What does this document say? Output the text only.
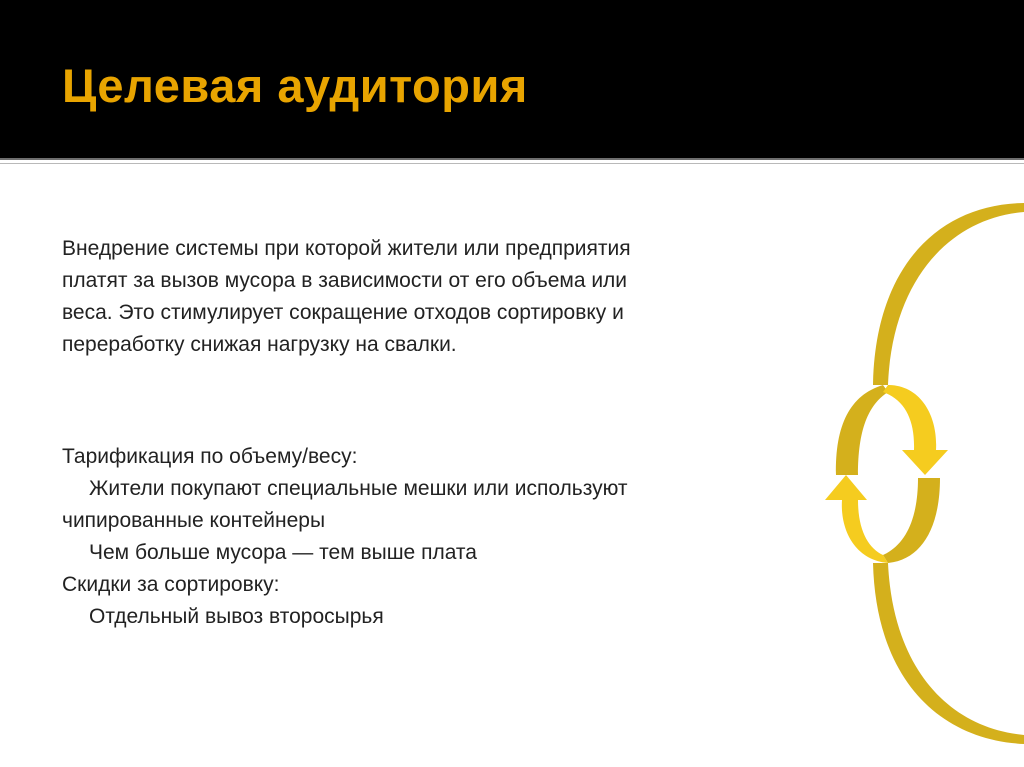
Целевая аудитория
Внедрение системы при которой жители или предприятия
платят за вызов мусора в зависимости от его объема или
веса. Это стимулирует сокращение отходов сортировку и
переработку снижая нагрузку на свалки.
Тарификация по объему/весу:
Жители покупают специальные мешки или используют
чипированные контейнеры
Чем больше мусора — тем выше плата
Скидки за сортировку:
Отдельный вывоз второсырья
